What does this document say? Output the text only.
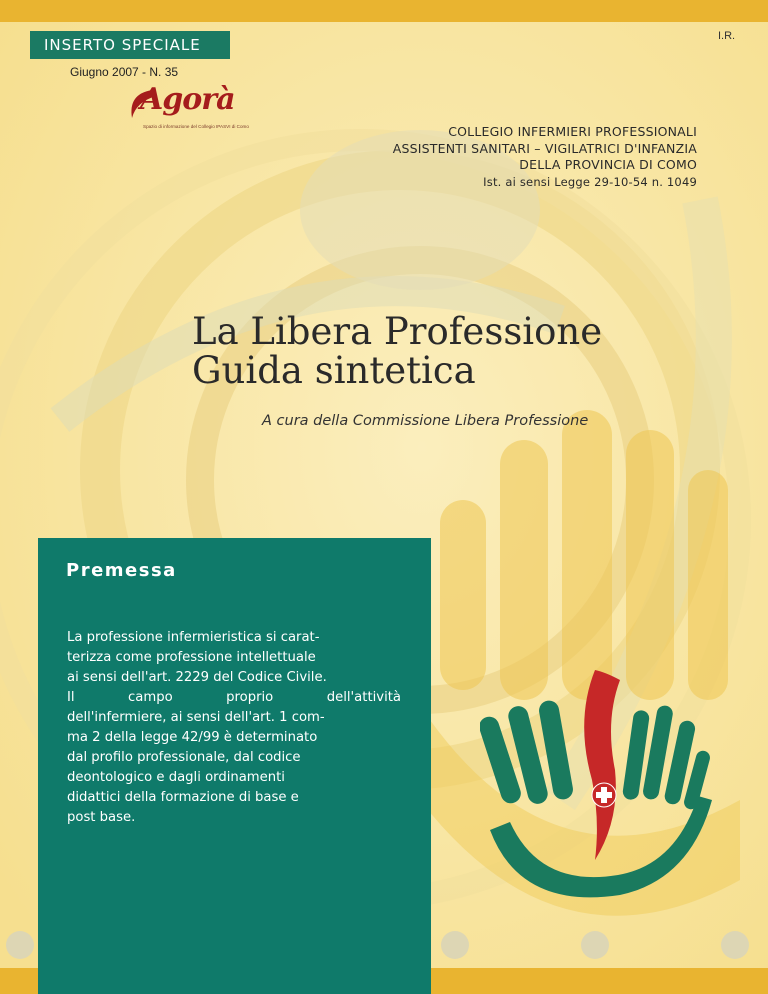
INSERTO SPECIALE	I.R.
Giugno 2007 - N. 35
Agorà
Spazio di informazione del Collegio IPASVI di Como	COLLEGIO INFERMIERI PROFESSIONALI
ASSISTENTI SANITARI – VIGILATRICI D'INFANZIA
DELLA PROVINCIA DI COMO
Ist. ai sensi Legge 29-10-54 n. 1049
La Libera Professione
Guida sintetica
A cura della Commissione Libera Professione
Premessa
La professione infermieristica si carat-
terizza come professione intellettuale
ai sensi dell'art. 2229 del Codice Civile.
Il	campo	proprio	dell'attività
dell'infermiere, ai sensi dell'art. 1 com-
ma 2 della legge 42/99 è determinato
dal profilo professionale, dal codice
deontologico e dagli ordinamenti
didattici della formazione di base e
post base.
